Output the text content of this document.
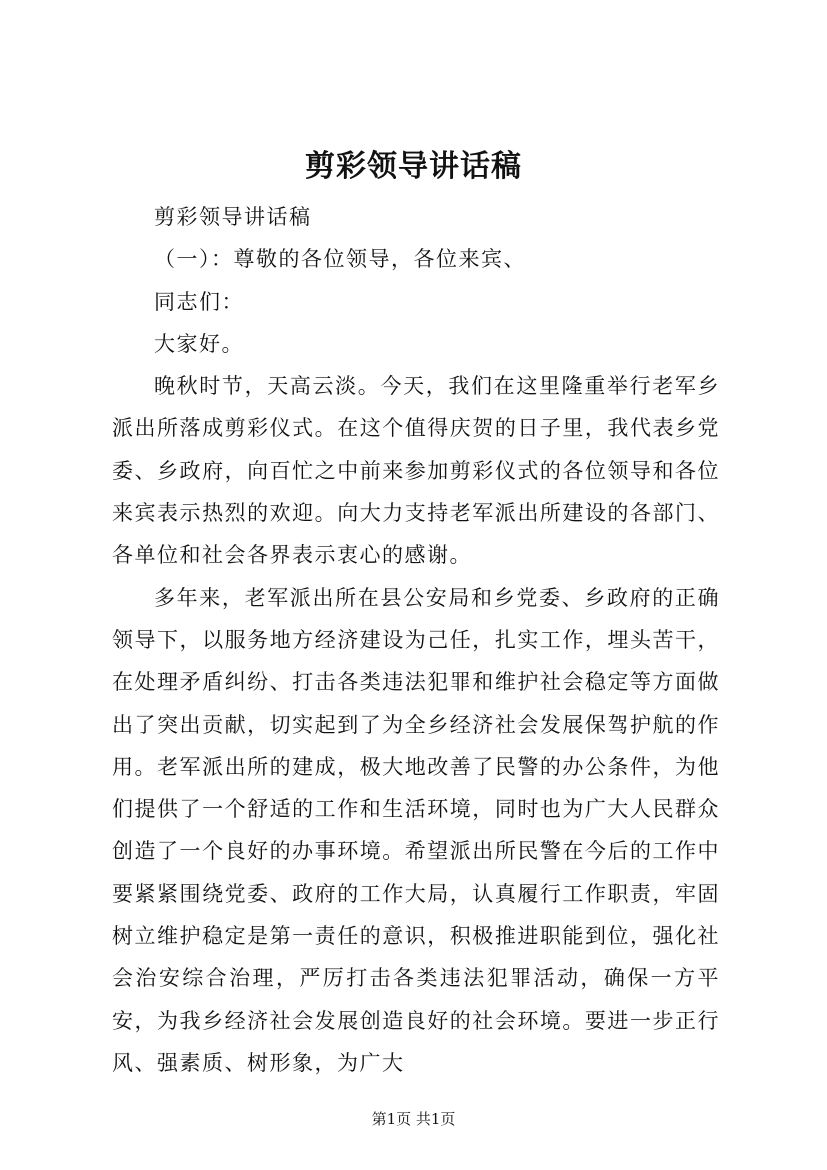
剪彩领导讲话稿

剪彩领导讲话稿

（一）：尊敬的各位领导，各位来宾、

同志们：

大家好。

晚秋时节，天高云淡。今天，我们在这里隆重举行老军乡派出所落成剪彩仪式。在这个值得庆贺的日子里，我代表乡党委、乡政府，向百忙之中前来参加剪彩仪式的各位领导和各位来宾表示热烈的欢迎。向大力支持老军派出所建设的各部门、各单位和社会各界表示衷心的感谢。

多年来，老军派出所在县公安局和乡党委、乡政府的正确领导下，以服务地方经济建设为己任，扎实工作，埋头苦干，在处理矛盾纠纷、打击各类违法犯罪和维护社会稳定等方面做出了突出贡献，切实起到了为全乡经济社会发展保驾护航的作用。老军派出所的建成，极大地改善了民警的办公条件，为他们提供了一个舒适的工作和生活环境，同时也为广大人民群众创造了一个良好的办事环境。希望派出所民警在今后的工作中要紧紧围绕党委、政府的工作大局，认真履行工作职责，牢固树立维护稳定是第一责任的意识，积极推进职能到位，强化社会治安综合治理，严厉打击各类违法犯罪活动，确保一方平安，为我乡经济社会发展创造良好的社会环境。要进一步正行风、强素质、树形象，为广大

第1页 共1页
